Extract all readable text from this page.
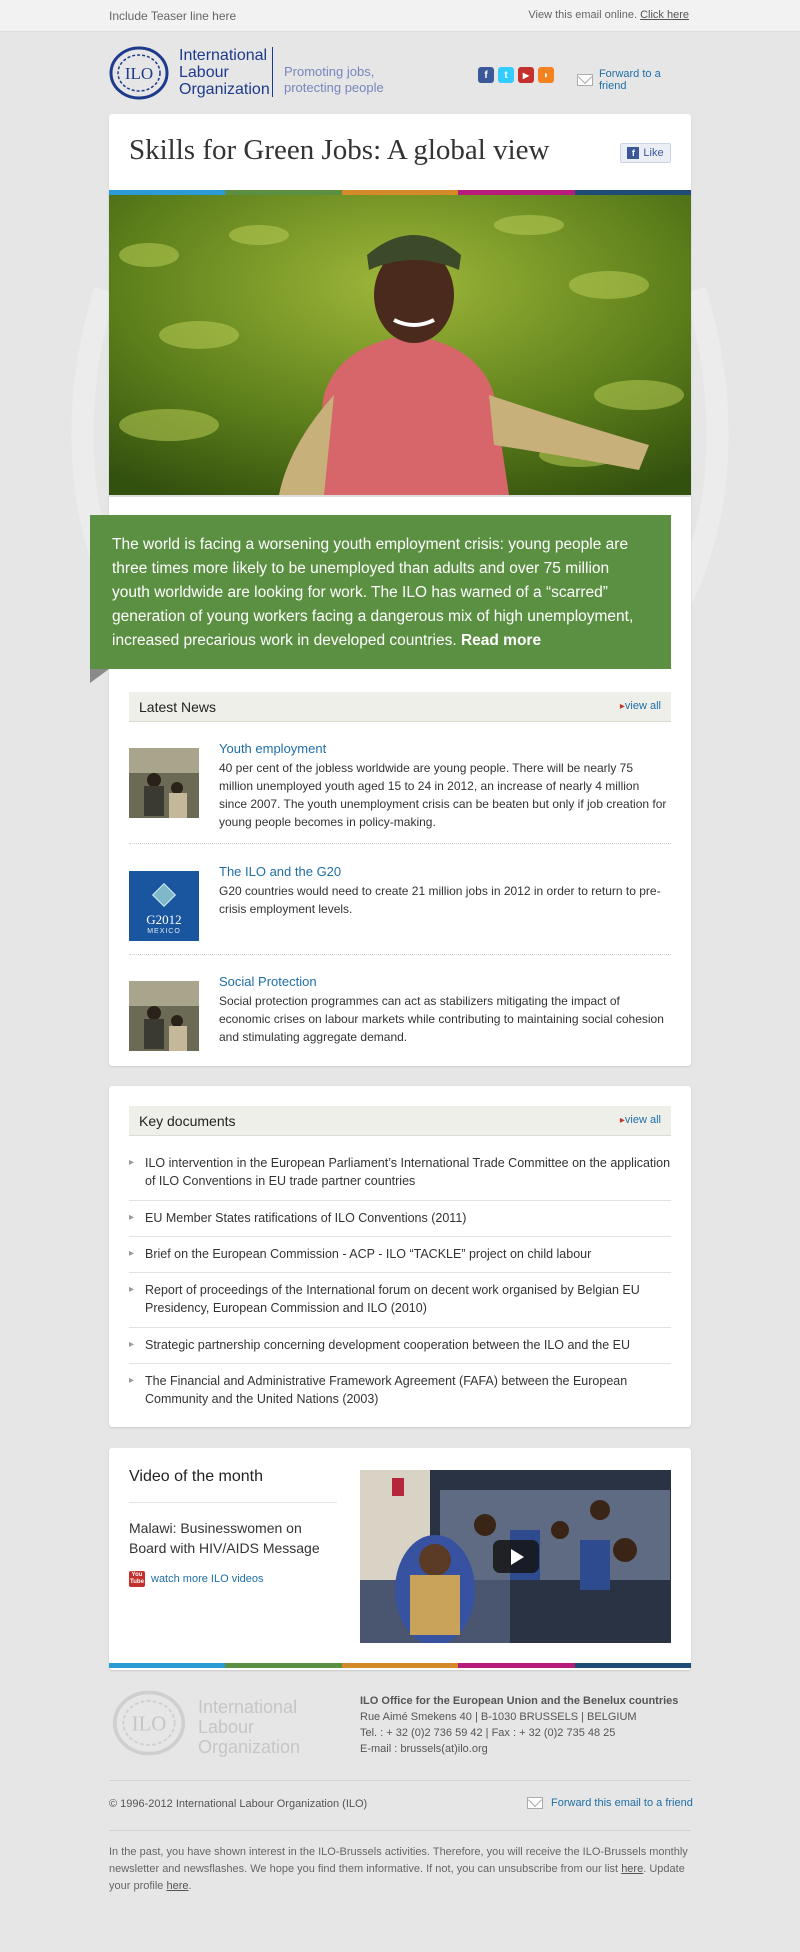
Include Teaser line here	View this email online. Click here
ILO
International
Labour
Organization
Promoting jobs,
protecting people
f	t	▶	◗	Forward to a friend
Skills for Green Jobs: A global view	f Like
Latest News	▸ view all
Youth employment

40 per cent of the jobless worldwide are young people. There will be nearly 75 million unemployed youth aged 15 to 24 in 2012, an increase of nearly 4 million since 2007. The youth unemployment crisis can be beaten but only if job creation for young people becomes in policy-making.

G2012
MEXICO
The ILO and the G20

G20 countries would need to create 21 million jobs in 2012 in order to return to pre-crisis employment levels.

Social Protection

Social protection programmes can act as stabilizers mitigating the impact of economic crises on labour markets while contributing to maintaining social cohesion and stimulating aggregate demand.

The world is facing a worsening youth employment crisis: young people are three times more likely to be unemployed than adults and over 75 million youth worldwide are looking for work. The ILO has warned of a “scarred” generation of young workers facing a dangerous mix of high unemployment, increased precarious work in developed countries. Read more
Key documents	▸ view all
▸ ILO intervention in the European Parliament’s International Trade Committee on the application of ILO Conventions in EU trade partner countries
▸ EU Member States ratifications of ILO Conventions (2011)
▸ Brief on the European Commission - ACP - ILO “TACKLE” project on child labour
▸ Report of proceedings of the International forum on decent work organised by Belgian EU Presidency, European Commission and ILO (2010)
▸ Strategic partnership concerning development cooperation between the ILO and the EU
▸ The Financial and Administrative Framework Agreement (FAFA) between the European Community and the United Nations (2003)
Video of the month
Malawi: Businesswomen on Board with HIV/AIDS Message
You Tube watch more ILO videos
ILO
International
Labour
Organization
ILO Office for the European Union and the Benelux countries
Rue Aimé Smekens 40 | B-1030 BRUSSELS | BELGIUM
Tel. : + 32 (0)2 736 59 42 | Fax : + 32 (0)2 735 48 25
E-mail : brussels(at)ilo.org
© 1996-2012 International Labour Organization (ILO)	Forward this email to a friend
In the past, you have shown interest in the ILO-Brussels activities. Therefore, you will receive the ILO-Brussels monthly newsletter and newsflashes. We hope you find them informative. If not, you can unsubscribe from our list here. Update your profile here.
